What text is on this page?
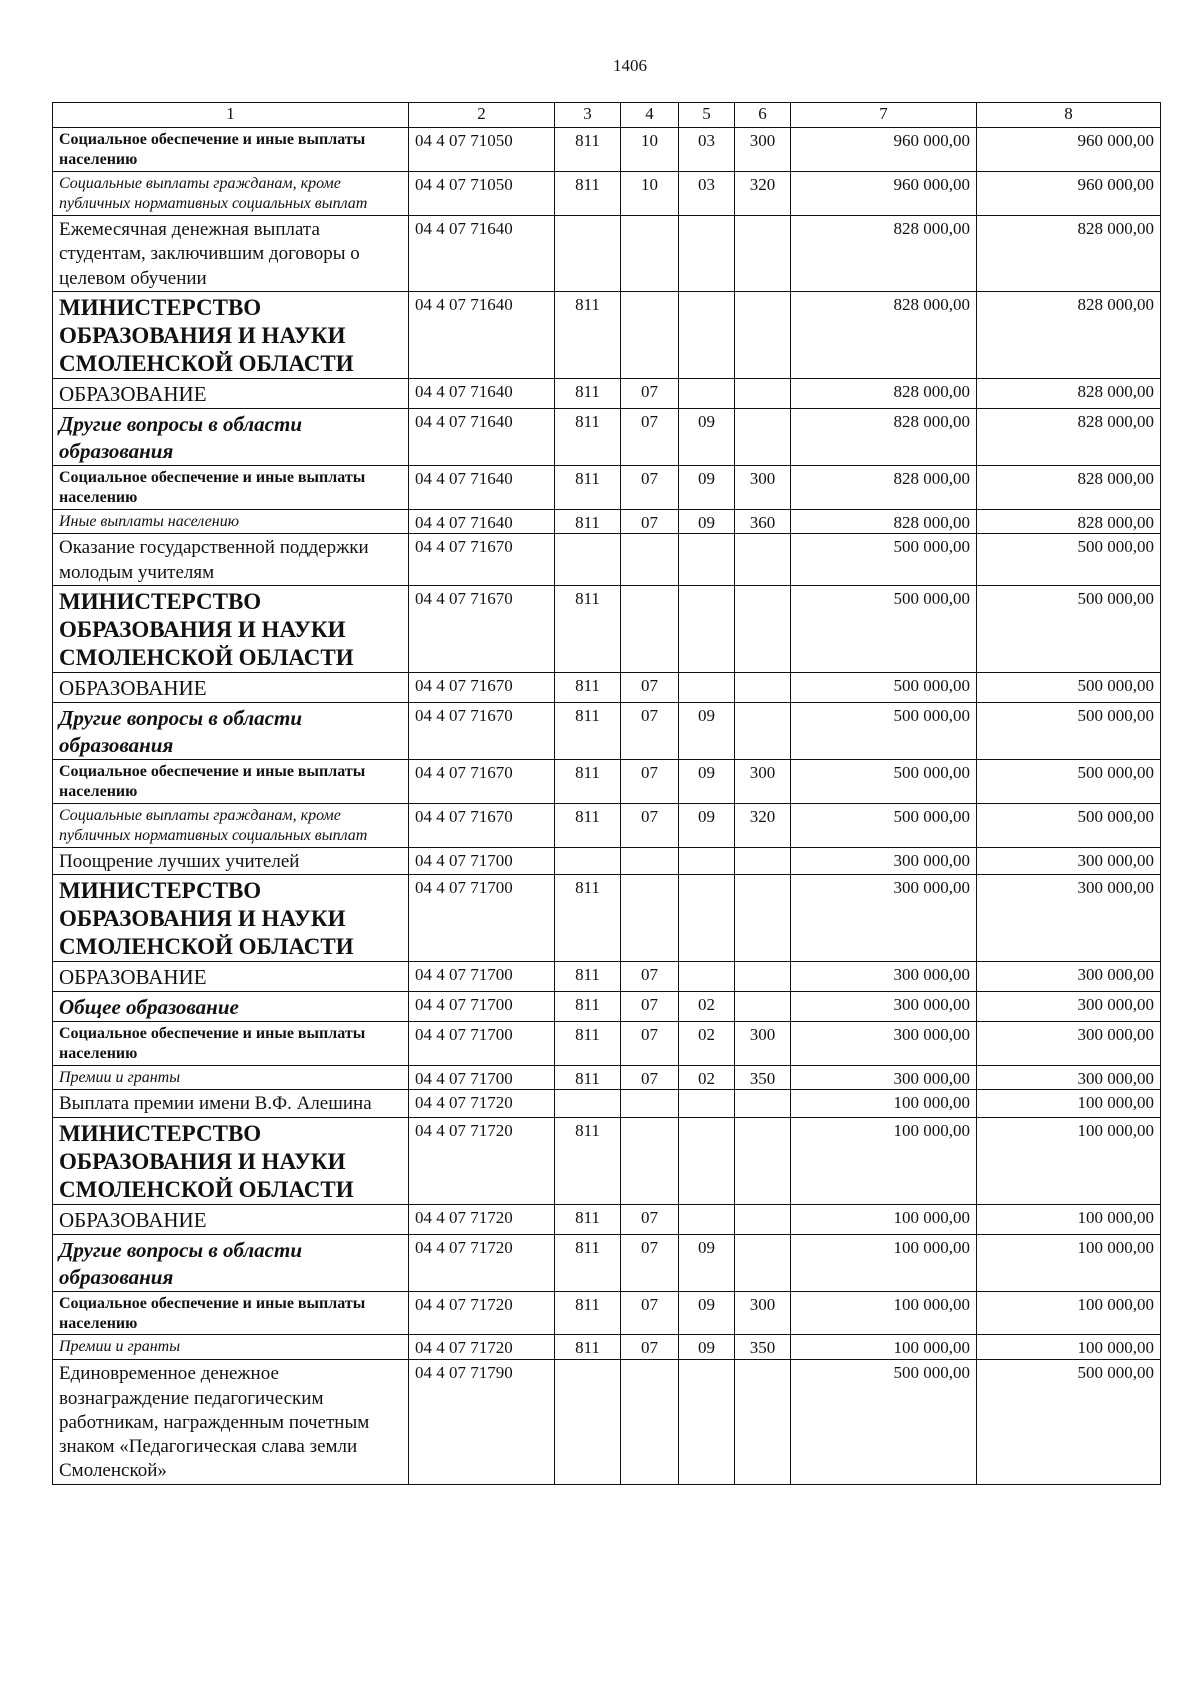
1406
1	2	3	4	5	6	7	8
Социальное обеспечение и иные выплаты населению	04 4 07 71050	811	10	03	300	960 000,00	960 000,00
Социальные выплаты гражданам, кроме публичных нормативных социальных выплат	04 4 07 71050	811	10	03	320	960 000,00	960 000,00
Ежемесячная денежная выплата студентам, заключившим договоры о целевом обучении	04 4 07 71640					828 000,00	828 000,00
МИНИСТЕРСТВО ОБРАЗОВАНИЯ И НАУКИ СМОЛЕНСКОЙ ОБЛАСТИ	04 4 07 71640	811				828 000,00	828 000,00
ОБРАЗОВАНИЕ	04 4 07 71640	811	07			828 000,00	828 000,00
Другие вопросы в области образования	04 4 07 71640	811	07	09		828 000,00	828 000,00
Социальное обеспечение и иные выплаты населению	04 4 07 71640	811	07	09	300	828 000,00	828 000,00
Иные выплаты населению	04 4 07 71640	811	07	09	360	828 000,00	828 000,00
Оказание государственной поддержки молодым учителям	04 4 07 71670					500 000,00	500 000,00
МИНИСТЕРСТВО ОБРАЗОВАНИЯ И НАУКИ СМОЛЕНСКОЙ ОБЛАСТИ	04 4 07 71670	811				500 000,00	500 000,00
ОБРАЗОВАНИЕ	04 4 07 71670	811	07			500 000,00	500 000,00
Другие вопросы в области образования	04 4 07 71670	811	07	09		500 000,00	500 000,00
Социальное обеспечение и иные выплаты населению	04 4 07 71670	811	07	09	300	500 000,00	500 000,00
Социальные выплаты гражданам, кроме публичных нормативных социальных выплат	04 4 07 71670	811	07	09	320	500 000,00	500 000,00
Поощрение лучших учителей	04 4 07 71700					300 000,00	300 000,00
МИНИСТЕРСТВО ОБРАЗОВАНИЯ И НАУКИ СМОЛЕНСКОЙ ОБЛАСТИ	04 4 07 71700	811				300 000,00	300 000,00
ОБРАЗОВАНИЕ	04 4 07 71700	811	07			300 000,00	300 000,00
Общее образование	04 4 07 71700	811	07	02		300 000,00	300 000,00
Социальное обеспечение и иные выплаты населению	04 4 07 71700	811	07	02	300	300 000,00	300 000,00
Премии и гранты	04 4 07 71700	811	07	02	350	300 000,00	300 000,00
Выплата премии имени В.Ф. Алешина	04 4 07 71720					100 000,00	100 000,00
МИНИСТЕРСТВО ОБРАЗОВАНИЯ И НАУКИ СМОЛЕНСКОЙ ОБЛАСТИ	04 4 07 71720	811				100 000,00	100 000,00
ОБРАЗОВАНИЕ	04 4 07 71720	811	07			100 000,00	100 000,00
Другие вопросы в области образования	04 4 07 71720	811	07	09		100 000,00	100 000,00
Социальное обеспечение и иные выплаты населению	04 4 07 71720	811	07	09	300	100 000,00	100 000,00
Премии и гранты	04 4 07 71720	811	07	09	350	100 000,00	100 000,00
Единовременное денежное вознаграждение педагогическим работникам, награжденным почетным знаком «Педагогическая слава земли Смоленской»	04 4 07 71790					500 000,00	500 000,00
